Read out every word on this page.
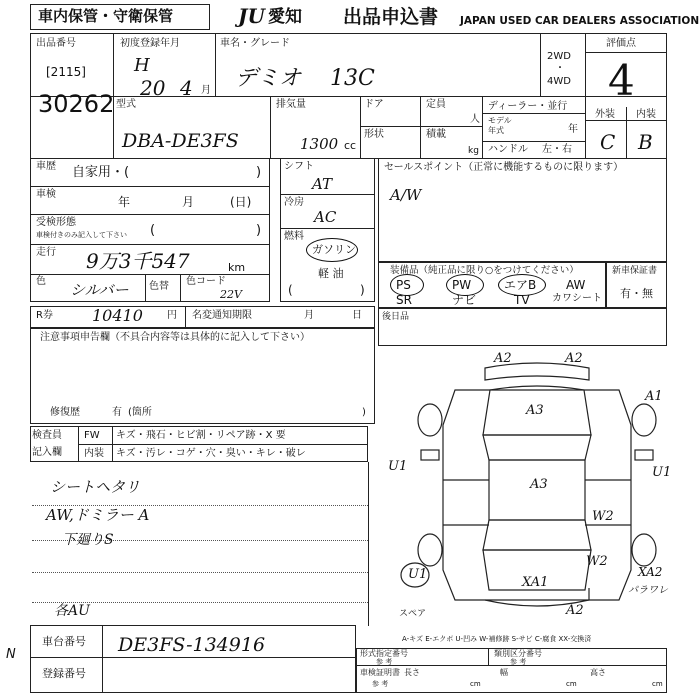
車内保管・守衛保管	JU 愛知 出品申込書 JAPAN USED CAR DEALERS ASSOCIATION
出品番号
[2115]
30262
初度登録年月
H
20 4 月
車名・グレード
デミオ 13C
2WD
・
4WD
評価点
4
外装 内装
C B
型式
DBA-DE3FS
排気量
1300 cc
ドア	定員
人
形状	積載
kg
ディーラー・並行
モデル
年式	年
ハンドル 左・右
車歴 自家用・(	)
車検
年	月	(日)
受検形態
車検付きのみ記入して下さい (	)
走行 9万3千547	km
色 シルバー 色替 色コード
22V
シフト
AT
冷房
AC
燃料
ガソリン
軽 油
(	)
セールスポイント（正常に機能するものに限ります）
A/W
装備品（純正品に限り○をつけてください）
PS	PW	エアB AW
SR	ナビ	TV カワシート
新車保証書
有・無
R券 10410 円 名変通知期限	月	日 後日品
注意事項申告欄（不具合内容等は具体的に記入して下さい）
修復歴	有 (箇所	)
検査員
記入欄
FW キズ・飛石・ヒビ割・リペア跡・X 要
内装 キズ・汚レ・コゲ・穴・臭い・キレ・破レ
シートヘタリ
AW,ドミラー A
下廻りS
各AU
A2	A2
A3
A3
A1
U1	U1
W2
W2
XA1
U1	XA2
パラワレ
A2
スペア
A-キズ E-エクボ U-凹み W-補修跡 S-サビ C-腐食 XX-交換済
車台番号 DE3FS-134916
登録番号
N	形式指定番号
参 考
類別区分番号
参 考
車検証明書
参 考
長さ
cm
幅
cm
高さ
cm
